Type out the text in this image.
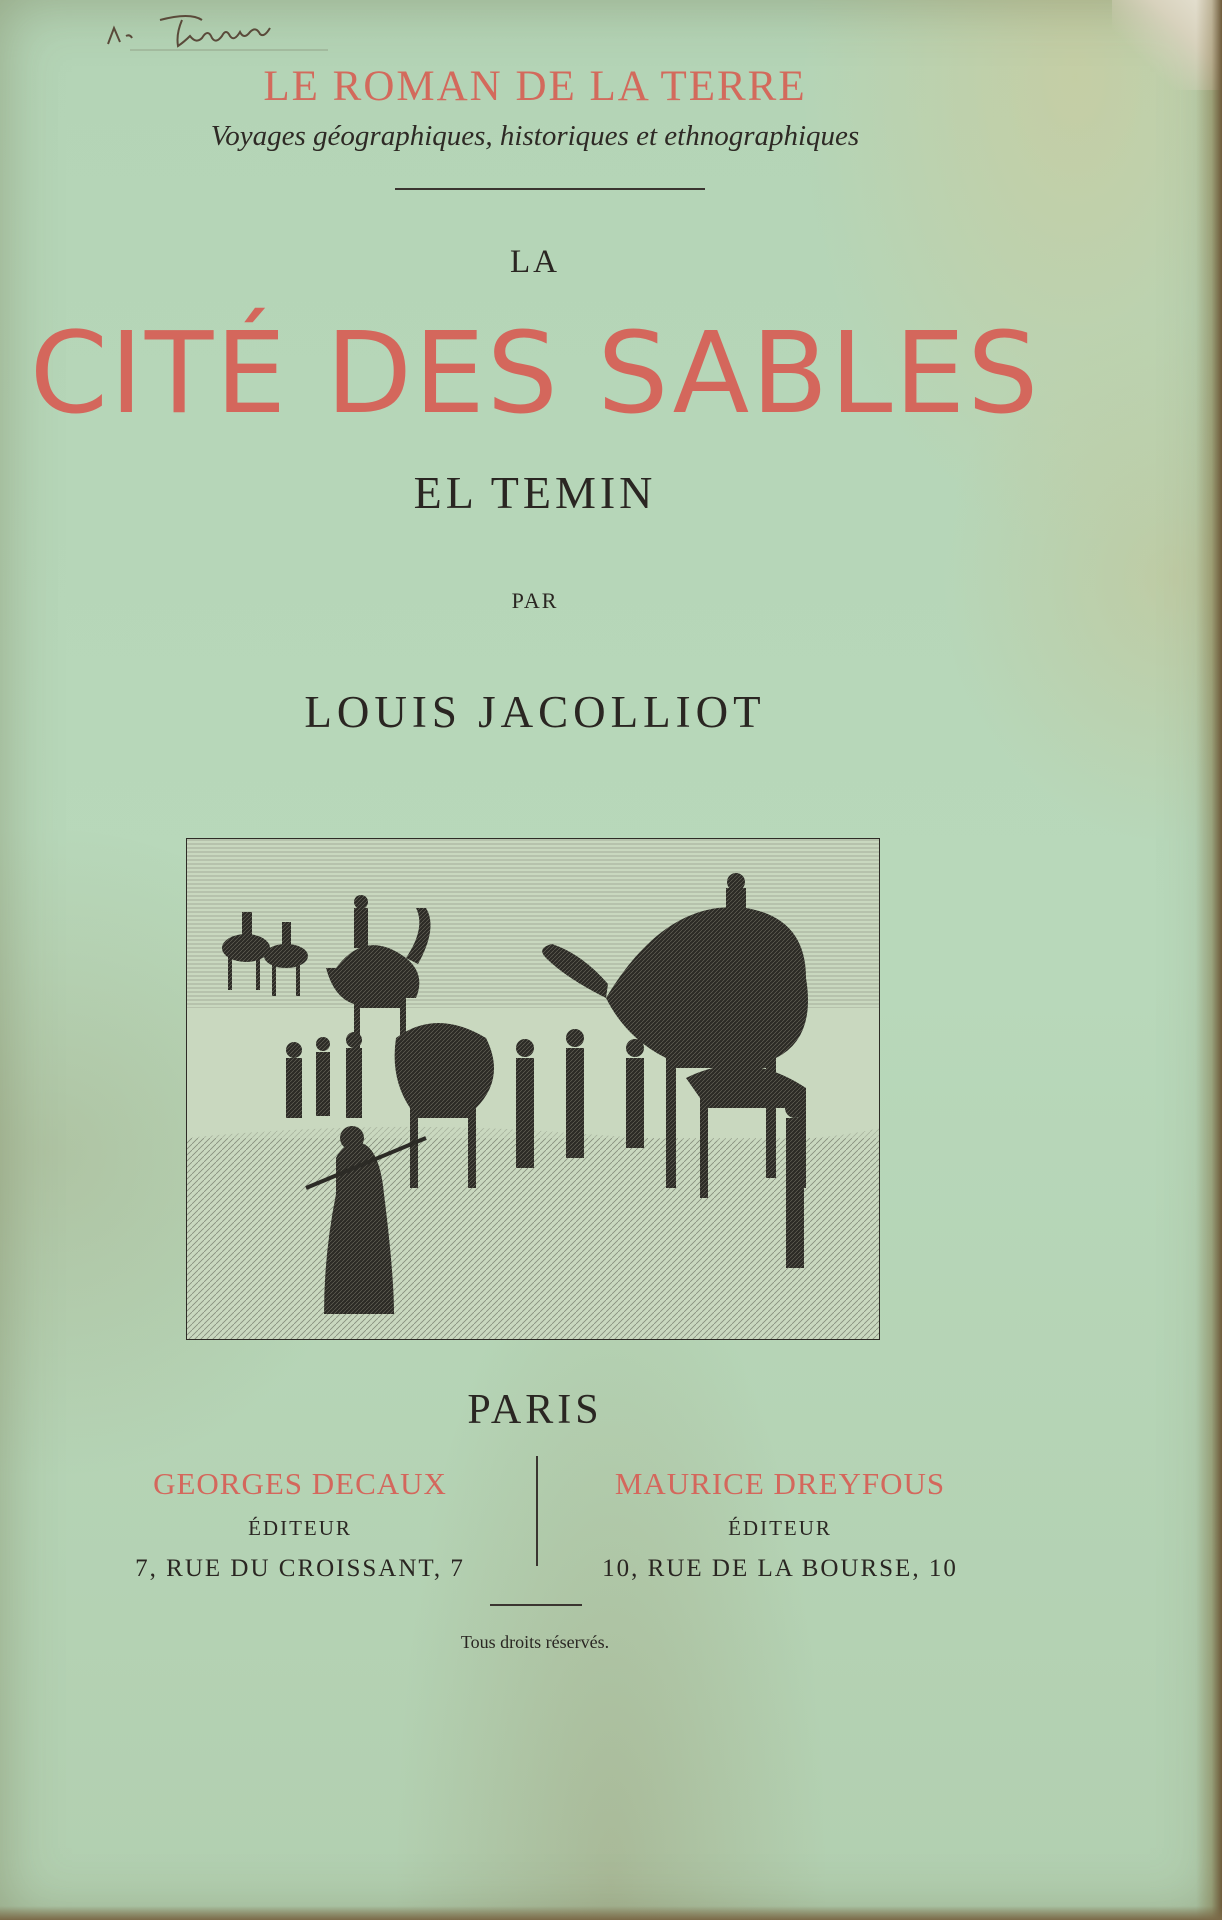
LE ROMAN DE LA TERRE
Voyages géographiques, historiques et ethnographiques
LA
CITÉ DES SABLES
EL TEMIN
PAR
LOUIS JACOLLIOT
PARIS
GEORGES DECAUX
ÉDITEUR
7, RUE DU CROISSANT, 7
MAURICE DREYFOUS
ÉDITEUR
10, RUE DE LA BOURSE, 10
Tous droits réservés.
